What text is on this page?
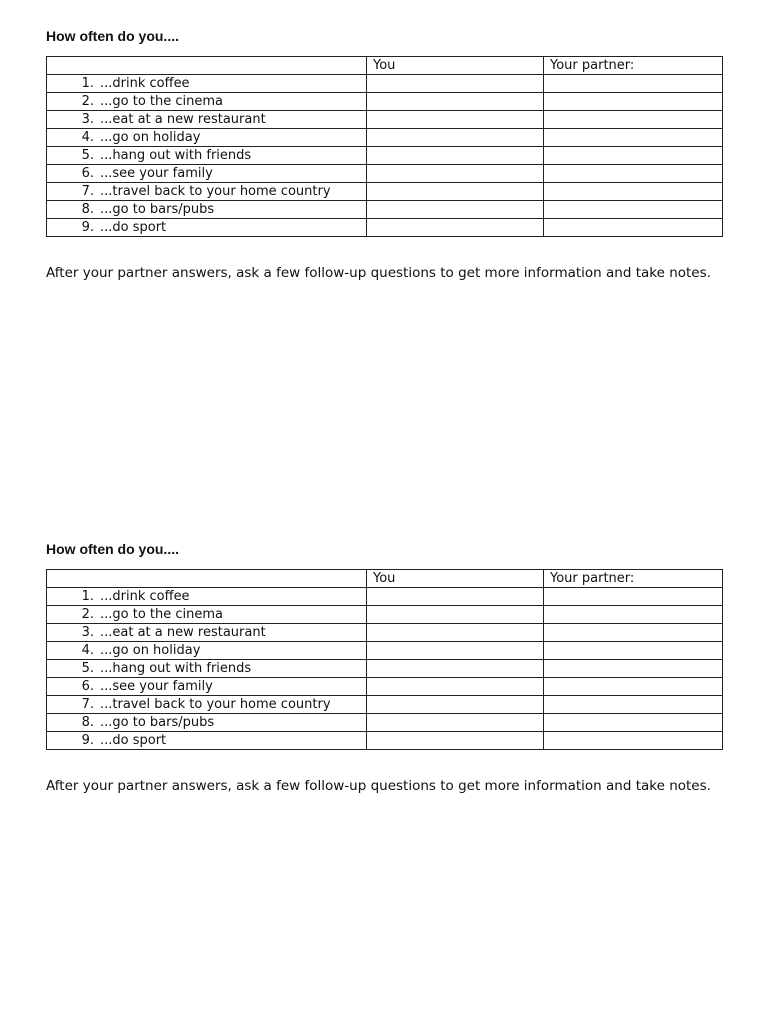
How often do you....
	You	Your partner:

1. ...drink coffee		

2. ...go to the cinema		

3. ...eat at a new restaurant		

4. ...go on holiday		

5. ...hang out with friends		

6. ...see your family		

7. ...travel back to your home country		

8. ...go to bars/pubs		

9. ...do sport		

After your partner answers, ask a few follow-up questions to get more information and take notes.
How often do you....
	You	Your partner:

1. ...drink coffee		

2. ...go to the cinema		

3. ...eat at a new restaurant		

4. ...go on holiday		

5. ...hang out with friends		

6. ...see your family		

7. ...travel back to your home country		

8. ...go to bars/pubs		

9. ...do sport		

After your partner answers, ask a few follow-up questions to get more information and take notes.
